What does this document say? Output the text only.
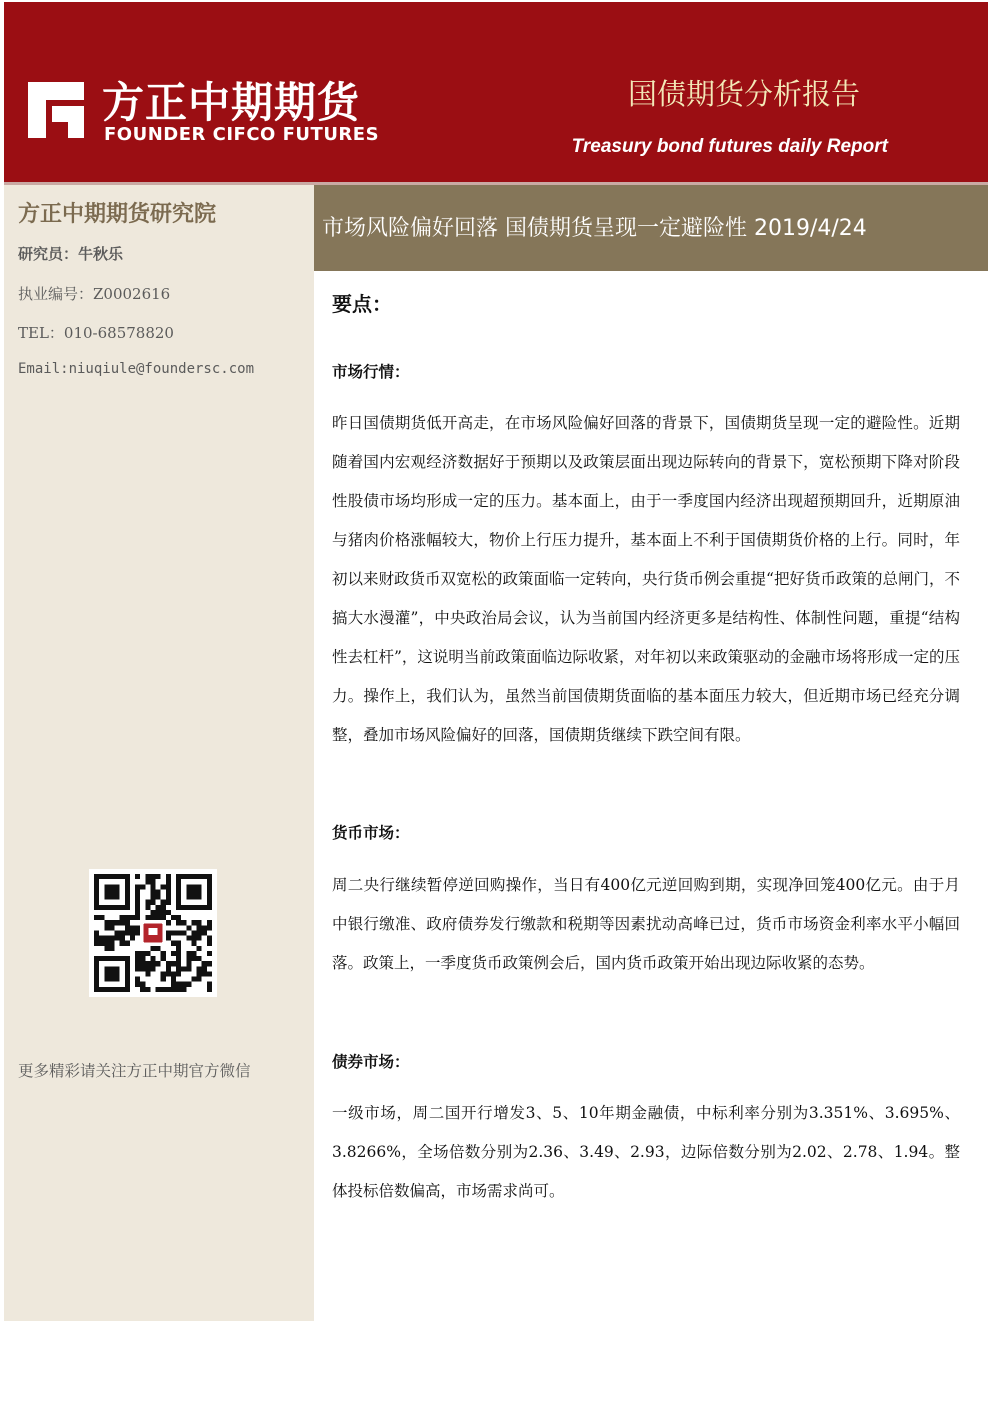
方正中期期货
FOUNDER CIFCO FUTURES
国债期货分析报告
Treasury bond futures daily Report
方正中期期货研究院
研究员：牛秋乐
执业编号：Z0002616
TEL：010-68578820
Email:niuqiule@foundersc.com
更多精彩请关注方正中期官方微信
市场风险偏好回落 国债期货呈现一定避险性 2019/4/24
要点：
市场行情：

昨日国债期货低开高走，在市场风险偏好回落的背景下，国债期货呈现一定的避险性。近期随着国内宏观经济数据好于预期以及政策层面出现边际转向的背景下，宽松预期下降对阶段性股债市场均形成一定的压力。基本面上，由于一季度国内经济出现超预期回升，近期原油与猪肉价格涨幅较大，物价上行压力提升，基本面上不利于国债期货价格的上行。同时，年初以来财政货币双宽松的政策面临一定转向，央行货币例会重提“把好货币政策的总闸门，不搞大水漫灌”，中央政治局会议，认为当前国内经济更多是结构性、体制性问题，重提“结构性去杠杆”，这说明当前政策面临边际收紧，对年初以来政策驱动的金融市场将形成一定的压力。操作上，我们认为，虽然当前国债期货面临的基本面压力较大，但近期市场已经充分调整，叠加市场风险偏好的回落，国债期货继续下跌空间有限。

货币市场：

周二央行继续暂停逆回购操作，当日有400亿元逆回购到期，实现净回笼400亿元。由于月中银行缴准、政府债券发行缴款和税期等因素扰动高峰已过，货币市场资金利率水平小幅回落。政策上，一季度货币政策例会后，国内货币政策开始出现边际收紧的态势。

债券市场：

一级市场，周二国开行增发3、5、10年期金融债，中标利率分别为3.351%、3.695%、3.8266%，全场倍数分别为2.36、3.49、2.93，边际倍数分别为2.02、2.78、1.94。整体投标倍数偏高，市场需求尚可。
